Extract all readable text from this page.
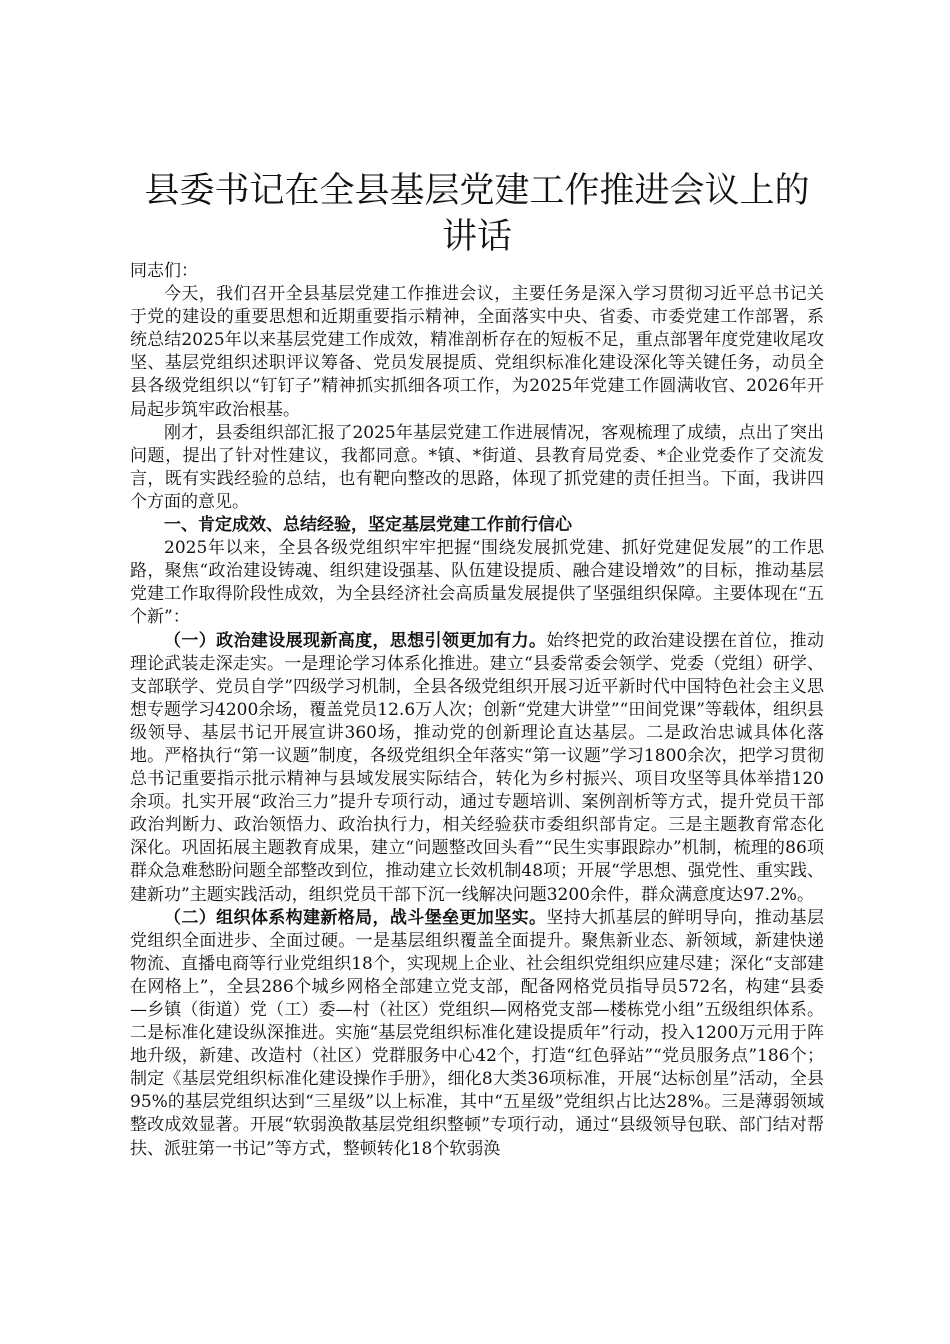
县委书记在全县基层党建工作推进会议上的讲话

同志们：

今天，我们召开全县基层党建工作推进会议，主要任务是深入学习贯彻习近平总书记关于党的建设的重要思想和近期重要指示精神，全面落实中央、省委、市委党建工作部署，系统总结2025年以来基层党建工作成效，精准剖析存在的短板不足，重点部署年度党建收尾攻坚、基层党组织述职评议筹备、党员发展提质、党组织标准化建设深化等关键任务，动员全县各级党组织以“钉钉子”精神抓实抓细各项工作，为2025年党建工作圆满收官、2026年开局起步筑牢政治根基。

刚才，县委组织部汇报了2025年基层党建工作进展情况，客观梳理了成绩，点出了突出问题，提出了针对性建议，我都同意。*镇、*街道、县教育局党委、*企业党委作了交流发言，既有实践经验的总结，也有靶向整改的思路，体现了抓党建的责任担当。下面，我讲四个方面的意见。

一、肯定成效、总结经验，坚定基层党建工作前行信心

2025年以来，全县各级党组织牢牢把握“围绕发展抓党建、抓好党建促发展”的工作思路，聚焦“政治建设铸魂、组织建设强基、队伍建设提质、融合建设增效”的目标，推动基层党建工作取得阶段性成效，为全县经济社会高质量发展提供了坚强组织保障。主要体现在“五个新”：

（一）政治建设展现新高度，思想引领更加有力。始终把党的政治建设摆在首位，推动理论武装走深走实。一是理论学习体系化推进。建立“县委常委会领学、党委（党组）研学、支部联学、党员自学”四级学习机制，全县各级党组织开展习近平新时代中国特色社会主义思想专题学习4200余场，覆盖党员12.6万人次；创新“党建大讲堂”“田间党课”等载体，组织县级领导、基层书记开展宣讲360场，推动党的创新理论直达基层。二是政治忠诚具体化落地。严格执行“第一议题”制度，各级党组织全年落实“第一议题”学习1800余次，把学习贯彻总书记重要指示批示精神与县域发展实际结合，转化为乡村振兴、项目攻坚等具体举措120余项。扎实开展“政治三力”提升专项行动，通过专题培训、案例剖析等方式，提升党员干部政治判断力、政治领悟力、政治执行力，相关经验获市委组织部肯定。三是主题教育常态化深化。巩固拓展主题教育成果，建立“问题整改回头看”“民生实事跟踪办”机制，梳理的86项群众急难愁盼问题全部整改到位，推动建立长效机制48项；开展“学思想、强党性、重实践、建新功”主题实践活动，组织党员干部下沉一线解决问题3200余件，群众满意度达97.2%。

（二）组织体系构建新格局，战斗堡垒更加坚实。坚持大抓基层的鲜明导向，推动基层党组织全面进步、全面过硬。一是基层组织覆盖全面提升。聚焦新业态、新领域，新建快递物流、直播电商等行业党组织18个，实现规上企业、社会组织党组织应建尽建；深化“支部建在网格上”，全县286个城乡网格全部建立党支部，配备网格党员指导员572名，构建“县委—乡镇（街道）党（工）委—村（社区）党组织—网格党支部—楼栋党小组”五级组织体系。二是标准化建设纵深推进。实施“基层党组织标准化建设提质年”行动，投入1200万元用于阵地升级，新建、改造村（社区）党群服务中心42个，打造“红色驿站”“党员服务点”186个；制定《基层党组织标准化建设操作手册》，细化8大类36项标准，开展“达标创星”活动，全县95%的基层党组织达到“三星级”以上标准，其中“五星级”党组织占比达28%。三是薄弱领域整改成效显著。开展“软弱涣散基层党组织整顿”专项行动，通过“县级领导包联、部门结对帮扶、派驻第一书记”等方式，整顿转化18个软弱涣
